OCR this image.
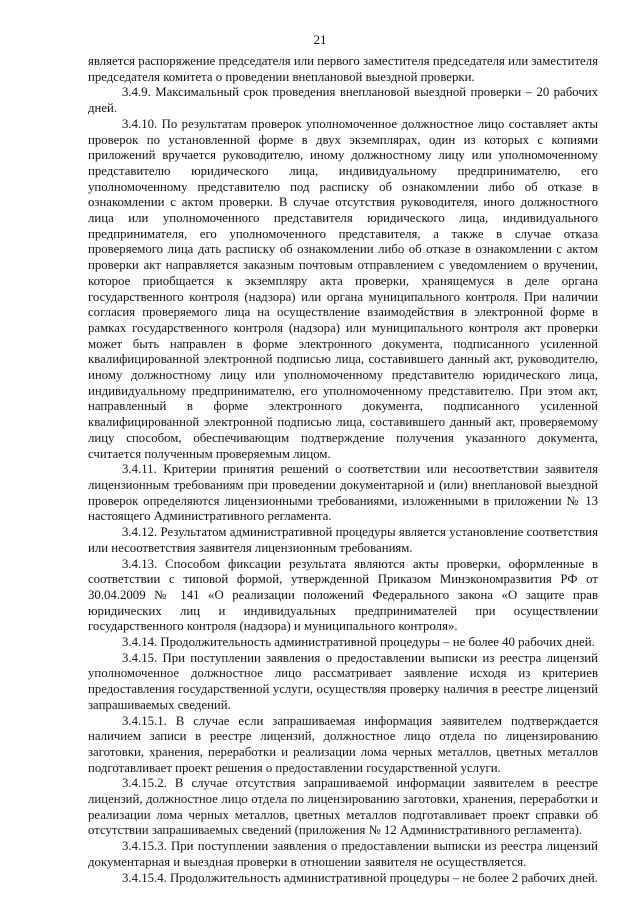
21

является распоряжение председателя или первого заместителя председателя или заместителя председателя комитета о проведении внеплановой выездной проверки.

3.4.9. Максимальный срок проведения внеплановой выездной проверки – 20 рабочих дней.

3.4.10. По результатам проверок уполномоченное должностное лицо составляет акты проверок по установленной форме в двух экземплярах, один из которых с копиями приложений вручается руководителю, иному должностному лицу или уполномоченному представителю юридического лица, индивидуальному предпринимателю, его уполномоченному представителю под расписку об ознакомлении либо об отказе в ознакомлении с актом проверки. В случае отсутствия руководителя, иного должностного лица или уполномоченного представителя юридического лица, индивидуального предпринимателя, его уполномоченного представителя, а также в случае отказа проверяемого лица дать расписку об ознакомлении либо об отказе в ознакомлении с актом проверки акт направляется заказным почтовым отправлением с уведомлением о вручении, которое приобщается к экземпляру акта проверки, хранящемуся в деле органа государственного контроля (надзора) или органа муниципального контроля. При наличии согласия проверяемого лица на осуществление взаимодействия в электронной форме в рамках государственного контроля (надзора) или муниципального контроля акт проверки может быть направлен в форме электронного документа, подписанного усиленной квалифицированной электронной подписью лица, составившего данный акт, руководителю, иному должностному лицу или уполномоченному представителю юридического лица, индивидуальному предпринимателю, его уполномоченному представителю. При этом акт, направленный в форме электронного документа, подписанного усиленной квалифицированной электронной подписью лица, составившего данный акт, проверяемому лицу способом, обеспечивающим подтверждение получения указанного документа, считается полученным проверяемым лицом.

3.4.11. Критерии принятия решений о соответствии или несоответствии заявителя лицензионным требованиям при проведении документарной и (или) внеплановой выездной проверок определяются лицензионными требованиями, изложенными в приложении № 13 настоящего Административного регламента.

3.4.12. Результатом административной процедуры является установление соответствия или несоответствия заявителя лицензионным требованиям.

3.4.13. Способом фиксации результата являются акты проверки, оформленные в соответствии с типовой формой, утвержденной Приказом Минэкономразвития РФ от 30.04.2009 № 141 «О реализации положений Федерального закона «О защите прав юридических лиц и индивидуальных предпринимателей при осуществлении государственного контроля (надзора) и муниципального контроля».

3.4.14. Продолжительность административной процедуры – не более 40 рабочих дней.

3.4.15. При поступлении заявления о предоставлении выписки из реестра лицензий уполномоченное должностное лицо рассматривает заявление исходя из критериев предоставления государственной услуги, осуществляя проверку наличия в реестре лицензий запрашиваемых сведений.

3.4.15.1. В случае если запрашиваемая информация заявителем подтверждается наличием записи в реестре лицензий, должностное лицо отдела по лицензированию заготовки, хранения, переработки и реализации лома черных металлов, цветных металлов подготавливает проект решения о предоставлении государственной услуги.

3.4.15.2. В случае отсутствия запрашиваемой информации заявителем в реестре лицензий, должностное лицо отдела по лицензированию заготовки, хранения, переработки и реализации лома черных металлов, цветных металлов подготавливает проект справки об отсутствии запрашиваемых сведений (приложения № 12 Административного регламента).

3.4.15.3. При поступлении заявления о предоставлении выписки из реестра лицензий документарная и выездная проверки в отношении заявителя не осуществляется.

3.4.15.4. Продолжительность административной процедуры – не более 2 рабочих дней.
